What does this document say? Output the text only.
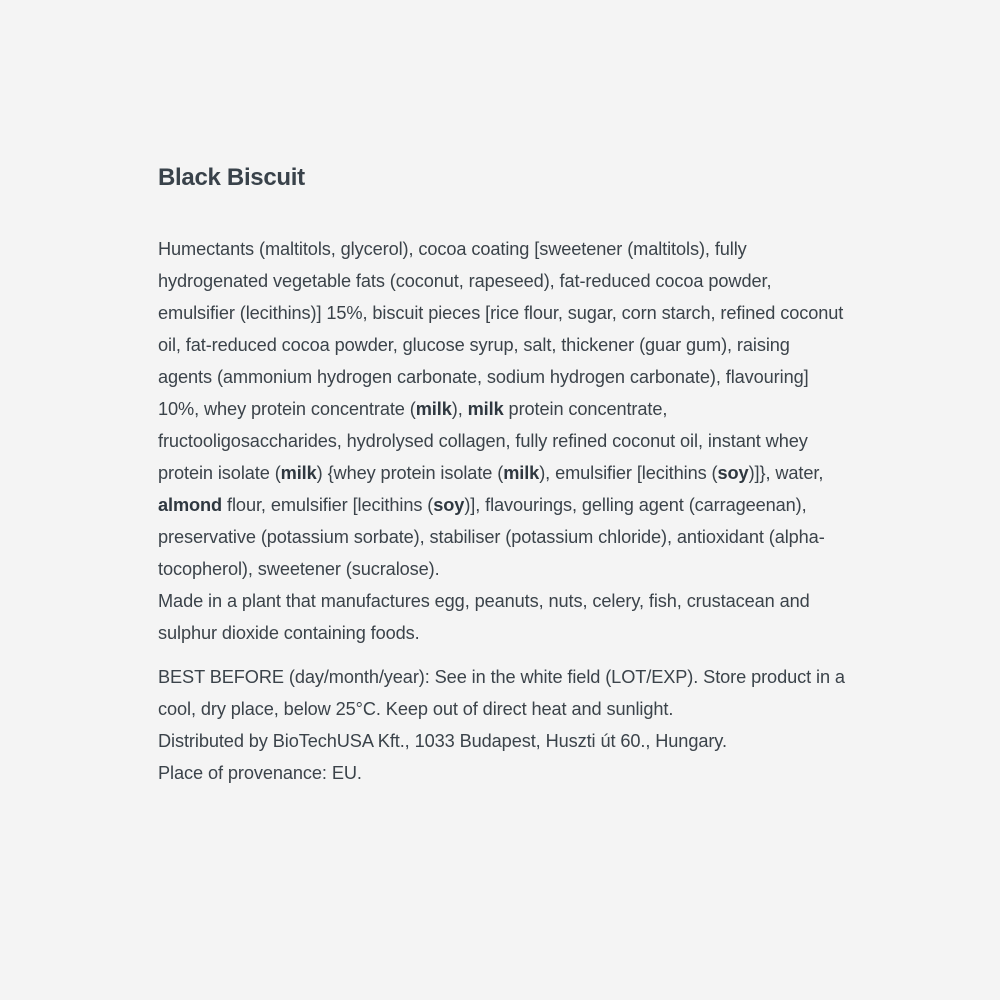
Black Biscuit

Humectants (maltitols, glycerol), cocoa coating [sweetener (maltitols), fully hydrogenated vegetable fats (coconut, rapeseed), fat-reduced cocoa powder, emulsifier (lecithins)] 15%, biscuit pieces [rice flour, sugar, corn starch, refined coconut oil, fat-reduced cocoa powder, glucose syrup, salt, thickener (guar gum), raising agents (ammonium hydrogen carbonate, sodium hydrogen carbonate), flavouring] 10%, whey protein concentrate (milk), milk protein concentrate, fructooligosaccharides, hydrolysed collagen, fully refined coconut oil, instant whey protein isolate (milk) {whey protein isolate (milk), emulsifier [lecithins (soy)]}, water, almond flour, emulsifier [lecithins (soy)], flavourings, gelling agent (carrageenan), preservative (potassium sorbate), stabiliser (potassium chloride), antioxidant (alpha-tocopherol), sweetener (sucralose).

Made in a plant that manufactures egg, peanuts, nuts, celery, fish, crustacean and sulphur dioxide containing foods.

BEST BEFORE (day/month/year): See in the white field (LOT/EXP). Store product in a cool, dry place, below 25°C. Keep out of direct heat and sunlight.

Distributed by BioTechUSA Kft., 1033 Budapest, Huszti út 60., Hungary.

Place of provenance: EU.
